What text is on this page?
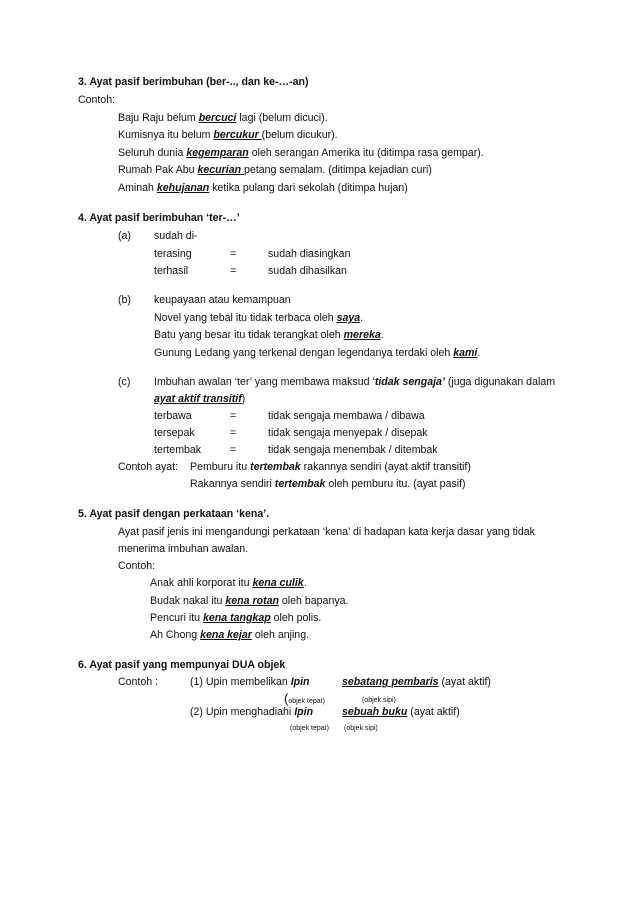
3. Ayat pasif berimbuhan (ber-.., dan ke-…-an)
Contoh:
Baju Raju belum bercuci lagi (belum dicuci).
Kumisnya itu belum bercukur (belum dicukur).
Seluruh dunia kegemparan oleh serangan Amerika itu (ditimpa rasa gempar).
Rumah Pak Abu kecurian petang semalam. (ditimpa kejadian curi)
Aminah kehujanan ketika pulang dari sekolah (ditimpa hujan)
4. Ayat pasif berimbuhan ‘ter-…’
(a) sudah di-
terasing	=	sudah diasingkan
terhasil	=	sudah dihasilkan
(b) keupayaan atau kemampuan
Novel yang tebal itu tidak terbaca oleh saya.
Batu yang besar itu tidak terangkat oleh mereka.
Gunung Ledang yang terkenal dengan legendanya terdaki oleh kami.
(c) Imbuhan awalan ‘ter’ yang membawa maksud ‘tidak sengaja’ (juga digunakan dalam
ayat aktif transitif)
terbawa	=	tidak sengaja membawa / dibawa
tersepak	=	tidak sengaja menyepak / disepak
tertembak	=	tidak sengaja menembak / ditembak
Contoh ayat: Pemburu itu tertembak rakannya sendiri (ayat aktif transitif)
Rakannya sendiri tertembak oleh pemburu itu. (ayat pasif)
5. Ayat pasif dengan perkataan ‘kena’.
Ayat pasif jenis ini mengandungi perkataan ‘kena’ di hadapan kata kerja dasar yang tidak
menerima imbuhan awalan.
Contoh:
Anak ahli korporat itu kena culik.
Budak nakal itu kena rotan oleh bapanya.
Pencuri itu kena tangkap oleh polis.
Ah Chong kena kejar oleh anjing.
6. Ayat pasif yang mempunyai DUA objek
Contoh :	(1) Upin membelikan Ipin	sebatang pembaris (ayat aktif)
(objek tepat)	(objek sipi)
(2) Upin menghadiahi Ipin	sebuah buku (ayat aktif)
(objek tepat) (objek sipi)
